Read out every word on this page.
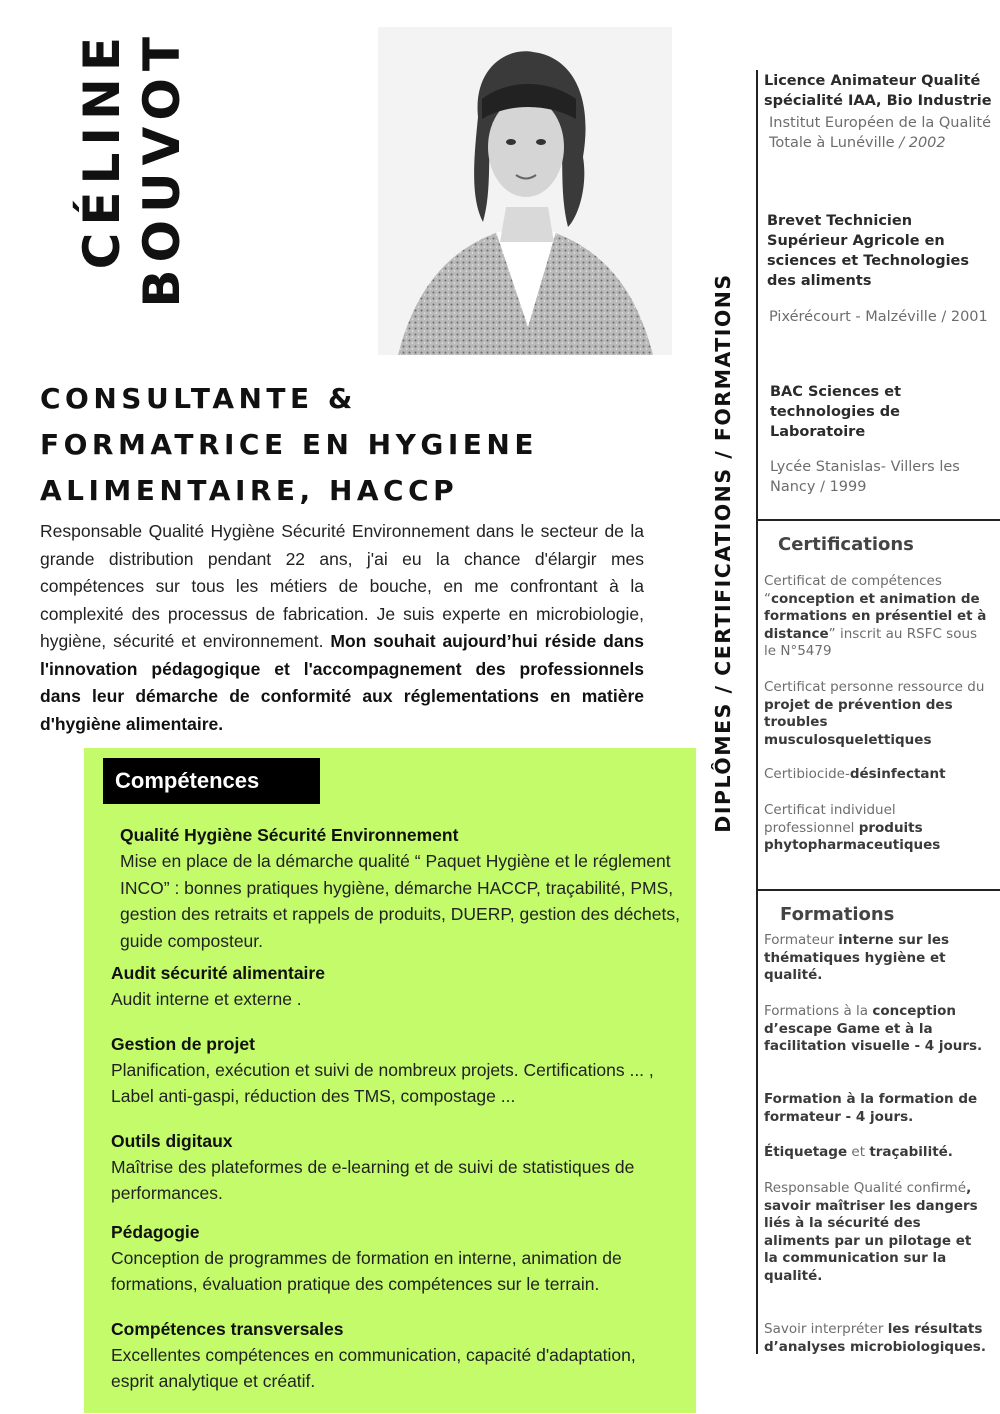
CÉLINE BOUVOT
CONSULTANTE &
FORMATRICE EN HYGIENE
ALIMENTAIRE, HACCP

Responsable Qualité Hygiène Sécurité Environnement dans le secteur de la grande distribution pendant 22 ans, j'ai eu la chance d'élargir mes compétences sur tous les métiers de bouche, en me confrontant à la complexité des processus de fabrication. Je suis experte en microbiologie, hygiène, sécurité et environnement. Mon souhait aujourd’hui réside dans l'innovation pédagogique et l'accompagnement des professionnels dans leur démarche de conformité aux réglementations en matière d'hygiène alimentaire.

Compétences
Qualité Hygiène Sécurité Environnement

Mise en place de la démarche qualité “ Paquet Hygiène et le réglement INCO” : bonnes pratiques hygiène, démarche HACCP, traçabilité, PMS, gestion des retraits et rappels de produits, DUERP, gestion des déchets, guide composteur.

Audit sécurité alimentaire

Audit interne et externe .

Gestion de projet

Planification, exécution et suivi de nombreux projets. Certifications ... , Label anti-gaspi, réduction des TMS, compostage ...

Outils digitaux

Maîtrise des plateformes de e-learning et de suivi de statistiques de performances.

Pédagogie

Conception de programmes de formation en interne, animation de formations, évaluation pratique des compétences sur le terrain.

Compétences transversales

Excellentes compétences en communication, capacité d'adaptation, esprit analytique et créatif.

DIPLÔMES / CERTIFICATIONS / FORMATIONS

Licence Animateur Qualité spécialité IAA, Bio Industrie

Institut Européen de la Qualité Totale à Lunéville / 2002

Brevet Technicien Supérieur Agricole en sciences et Technologies des aliments

Pixérécourt - Malzéville / 2001

BAC Sciences et technologies de Laboratoire

Lycée Stanislas- Villers les Nancy / 1999

Certifications
Certificat de compétences “conception et animation de formations en présentiel et à distance” inscrit au RSFC sous le N°5479
Certificat personne ressource du projet de prévention des troubles musculosquelettiques
Certibiocide-désinfectant
Certificat individuel professionnel produits phytopharmaceutiques
Formations
Formateur interne sur les thématiques hygiène et qualité.
Formations à la conception d’escape Game et à la facilitation visuelle - 4 jours.
Formation à la formation de formateur - 4 jours.
Étiquetage et traçabilité.
Responsable Qualité confirmé, savoir maîtriser les dangers liés à la sécurité des aliments par un pilotage et la communication sur la qualité.
Savoir interpréter les résultats d’analyses microbiologiques.
